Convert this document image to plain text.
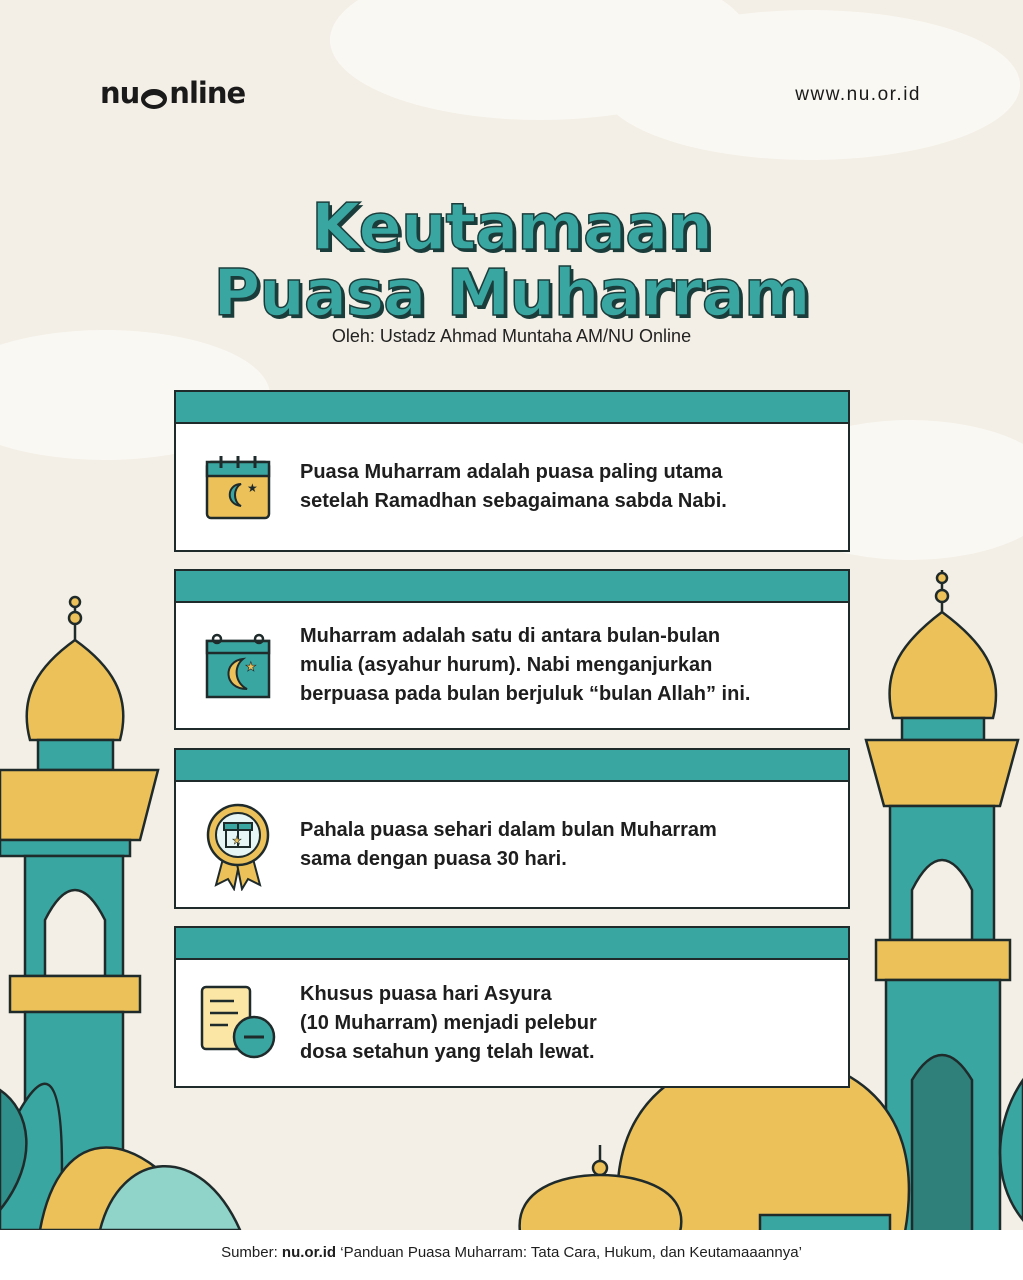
nu nline	www.nu.or.id
Keutamaan
Puasa Muharram
Oleh: Ustadz Ahmad Muntaha AM/NU Online
★
Puasa Muharram adalah puasa paling utama
setelah Ramadhan sebagaimana sabda Nabi.
★
Muharram adalah satu di antara bulan-bulan
mulia (asyahur hurum). Nabi menganjurkan
berpuasa pada bulan berjuluk “bulan Allah” ini.
★	Pahala puasa sehari dalam bulan Muharram
sama dengan puasa 30 hari.
Khusus puasa hari Asyura
(10 Muharram) menjadi pelebur
dosa setahun yang telah lewat.
Sumber: nu.or.id ‘Panduan Puasa Muharram: Tata Cara, Hukum, dan Keutamaaannya’
